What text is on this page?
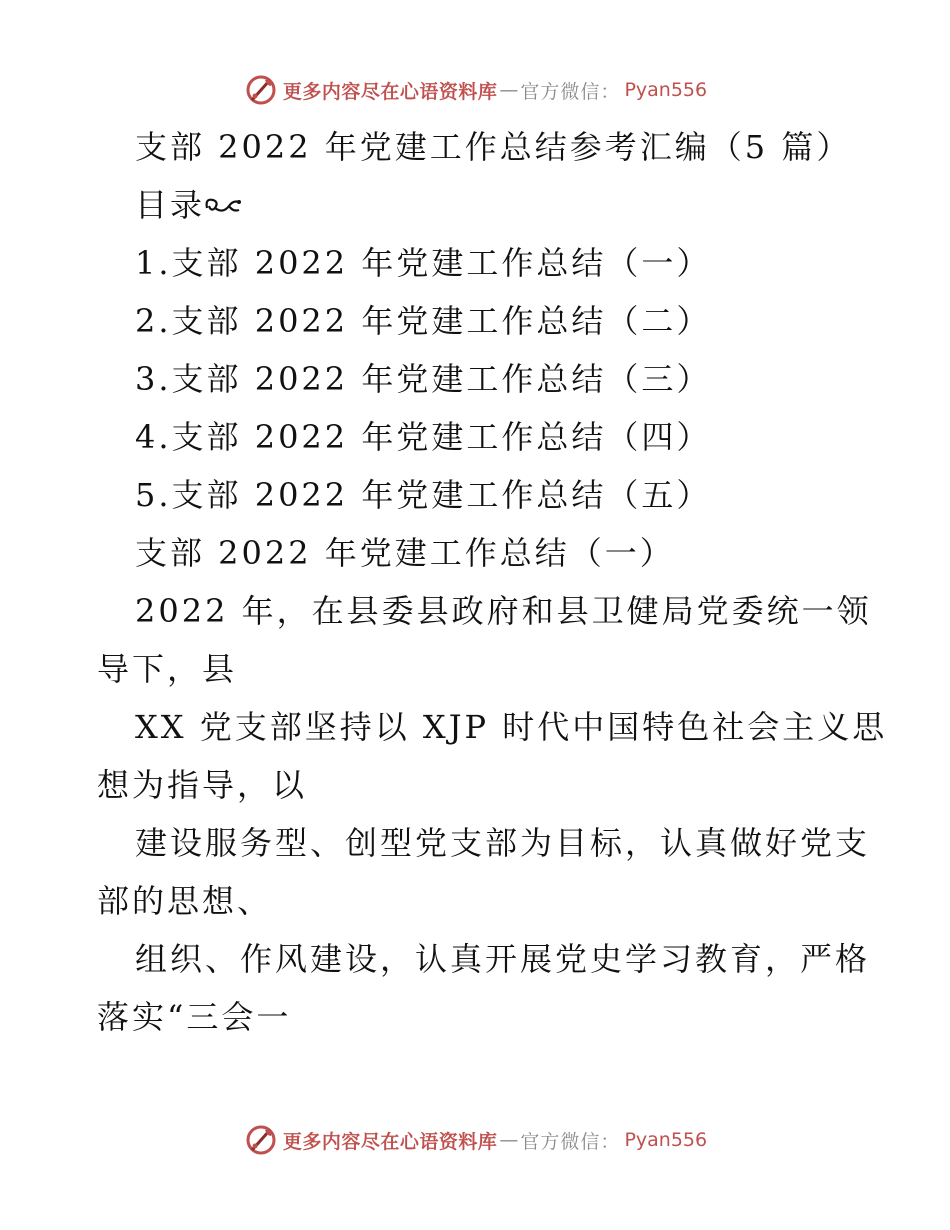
更多内容尽在心语资料库 — 官方微信： Pyan556
支部 2022 年党建工作总结参考汇编（5 篇）
目录
1.支部 2022 年党建工作总结（一）
2.支部 2022 年党建工作总结（二）
3.支部 2022 年党建工作总结（三）
4.支部 2022 年党建工作总结（四）
5.支部 2022 年党建工作总结（五）
支部 2022 年党建工作总结（一）
2022 年，在县委县政府和县卫健局党委统一领
导下，县
XX 党支部坚持以 XJP 时代中国特色社会主义思
想为指导，以
建设服务型、创型党支部为目标，认真做好党支
部的思想、
组织、作风建设，认真开展党史学习教育，严格
落实“三会一
更多内容尽在心语资料库 — 官方微信： Pyan556
